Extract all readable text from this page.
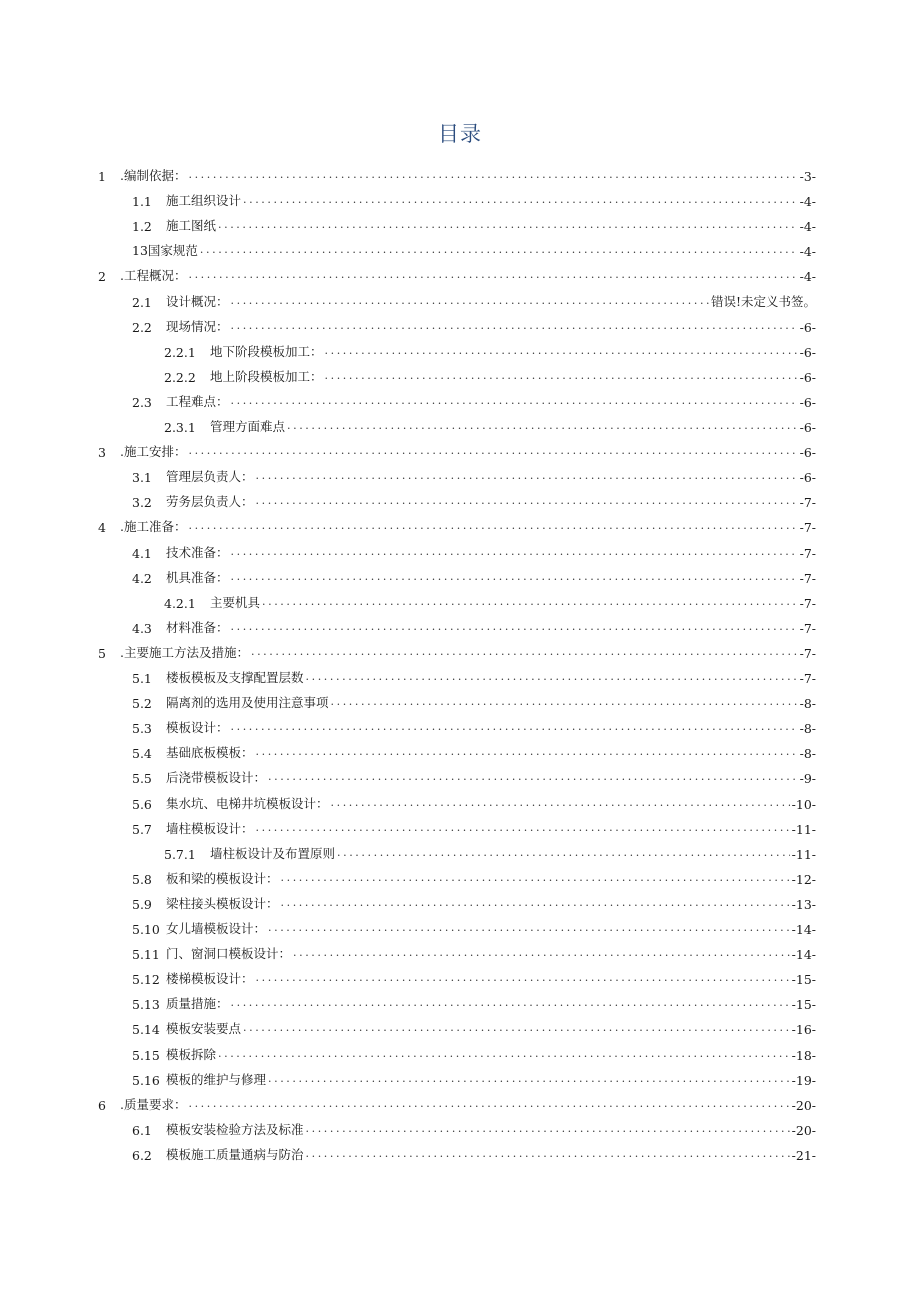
目录
1	.编制依据： .....	-3-
1.1	施工组织设计 .....	-4-
1.2	施工图纸 .....	-4-
13国家规范 .....	-4-
2	.工程概况： .....	-4-
2.1	设计概况： .....	错误!未定义书签。
2.2	现场情况： .....	-6-
2.2.1	地下阶段模板加工： .....	-6-
2.2.2	地上阶段模板加工： .....	-6-
2.3	工程难点： .....	-6-
2.3.1	管理方面难点 .....	-6-
3	.施工安排： .....	-6-
3.1	管理层负责人： .....	-6-
3.2	劳务层负责人： .....	-7-
4	.施工准备： .....	-7-
4.1	技术准备： .....	-7-
4.2	机具准备： .....	-7-
4.2.1	主要机具 .....	-7-
4.3	材料准备： .....	-7-
5	.主要施工方法及措施： .....	-7-
5.1	楼板模板及支撑配置层数 .....	-7-
5.2	隔离剂的选用及使用注意事项 .....	-8-
5.3	模板设计： .....	-8-
5.4	基础底板模板： .....	-8-
5.5	后浇带模板设计： .....	-9-
5.6	集水坑、电梯井坑模板设计： .....	-10-
5.7	墙柱模板设计： .....	-11-
5.7.1	墙柱板设计及布置原则 .....	-11-
5.8	板和梁的模板设计： .....	-12-
5.9	梁柱接头模板设计： .....	-13-
5.10 女儿墙模板设计： .....	-14-
5.11 门、窗洞口模板设计： .....	-14-
5.12 楼梯模板设计： .....	-15-
5.13 质量措施： .....	-15-
5.14 模板安装要点 .....	-16-
5.15 模板拆除 .....	-18-
5.16 模板的维护与修理 .....	-19-
6	.质量要求： .....	-20-
6.1	模板安装检验方法及标准 .....	-20-
6.2	模板施工质量通病与防治 .....	-21-
